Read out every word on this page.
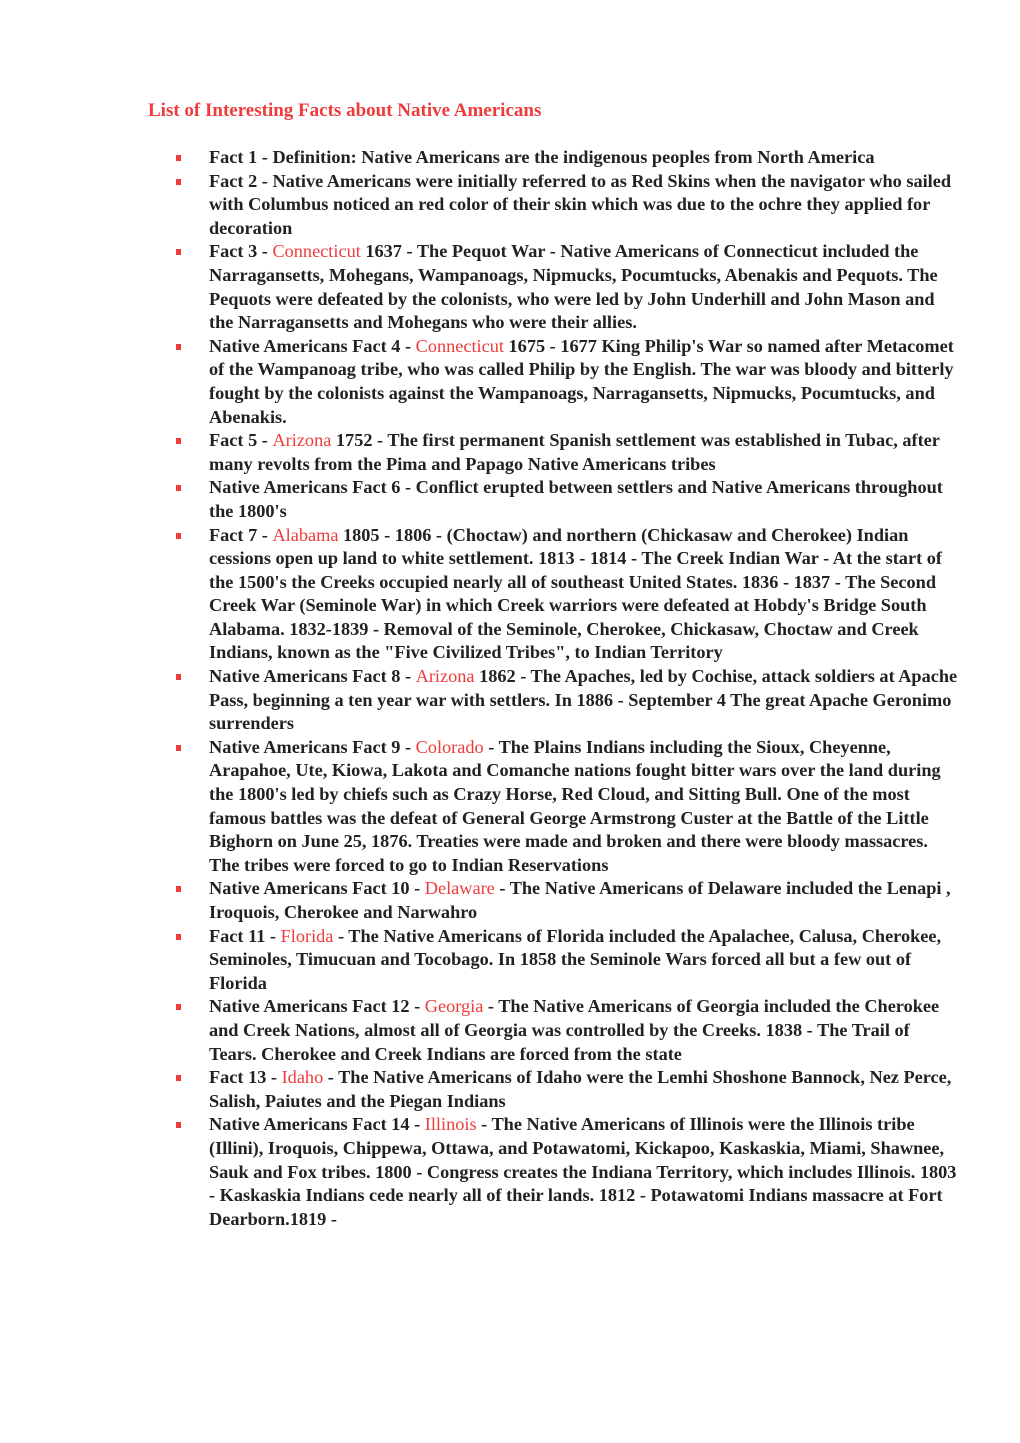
List of Interesting Facts about Native Americans
Fact 1 - Definition: Native Americans are the indigenous peoples from North America
Fact 2 - Native Americans were initially referred to as Red Skins when the navigator who sailed with Columbus noticed an red color of their skin which was due to the ochre they applied for decoration
Fact 3 - Connecticut 1637 - The Pequot War - Native Americans of Connecticut included the Narragansetts, Mohegans, Wampanoags, Nipmucks, Pocumtucks, Abenakis and Pequots. The Pequots were defeated by the colonists, who were led by John Underhill and John Mason and the Narragansetts and Mohegans who were their allies.
Native Americans Fact 4 - Connecticut 1675 - 1677 King Philip's War so named after Metacomet of the Wampanoag tribe, who was called Philip by the English. The war was bloody and bitterly fought by the colonists against the Wampanoags, Narragansetts, Nipmucks, Pocumtucks, and Abenakis.
Fact 5 - Arizona 1752 - The first permanent Spanish settlement was established in Tubac, after many revolts from the Pima and Papago Native Americans tribes
Native Americans Fact 6 - Conflict erupted between settlers and Native Americans throughout the 1800's
Fact 7 - Alabama 1805 - 1806 - (Choctaw) and northern (Chickasaw and Cherokee) Indian cessions open up land to white settlement. 1813 - 1814 - The Creek Indian War - At the start of the 1500's the Creeks occupied nearly all of southeast United States. 1836 - 1837 - The Second Creek War (Seminole War) in which Creek warriors were defeated at Hobdy's Bridge South Alabama. 1832-1839 - Removal of the Seminole, Cherokee, Chickasaw, Choctaw and Creek Indians, known as the "Five Civilized Tribes", to Indian Territory
Native Americans Fact 8 - Arizona 1862 - The Apaches, led by Cochise, attack soldiers at Apache Pass, beginning a ten year war with settlers. In 1886 - September 4 The great Apache Geronimo surrenders
Native Americans Fact 9 - Colorado - The Plains Indians including the Sioux, Cheyenne, Arapahoe, Ute, Kiowa, Lakota and Comanche nations fought bitter wars over the land during the 1800's led by chiefs such as Crazy Horse, Red Cloud, and Sitting Bull. One of the most famous battles was the defeat of General George Armstrong Custer at the Battle of the Little Bighorn on June 25, 1876. Treaties were made and broken and there were bloody massacres. The tribes were forced to go to Indian Reservations
Native Americans Fact 10 - Delaware - The Native Americans of Delaware included the Lenapi , Iroquois, Cherokee and Narwahro
Fact 11 - Florida - The Native Americans of Florida included the Apalachee, Calusa, Cherokee, Seminoles, Timucuan and Tocobago. In 1858 the Seminole Wars forced all but a few out of Florida
Native Americans Fact 12 - Georgia - The Native Americans of Georgia included the Cherokee and Creek Nations, almost all of Georgia was controlled by the Creeks. 1838 - The Trail of Tears. Cherokee and Creek Indians are forced from the state
Fact 13 - Idaho - The Native Americans of Idaho were the Lemhi Shoshone Bannock, Nez Perce, Salish, Paiutes and the Piegan Indians
Native Americans Fact 14 - Illinois - The Native Americans of Illinois were the Illinois tribe (Illini), Iroquois, Chippewa, Ottawa, and Potawatomi, Kickapoo, Kaskaskia, Miami, Shawnee, Sauk and Fox tribes. 1800 - Congress creates the Indiana Territory, which includes Illinois. 1803 - Kaskaskia Indians cede nearly all of their lands. 1812 - Potawatomi Indians massacre at Fort Dearborn.1819 -
